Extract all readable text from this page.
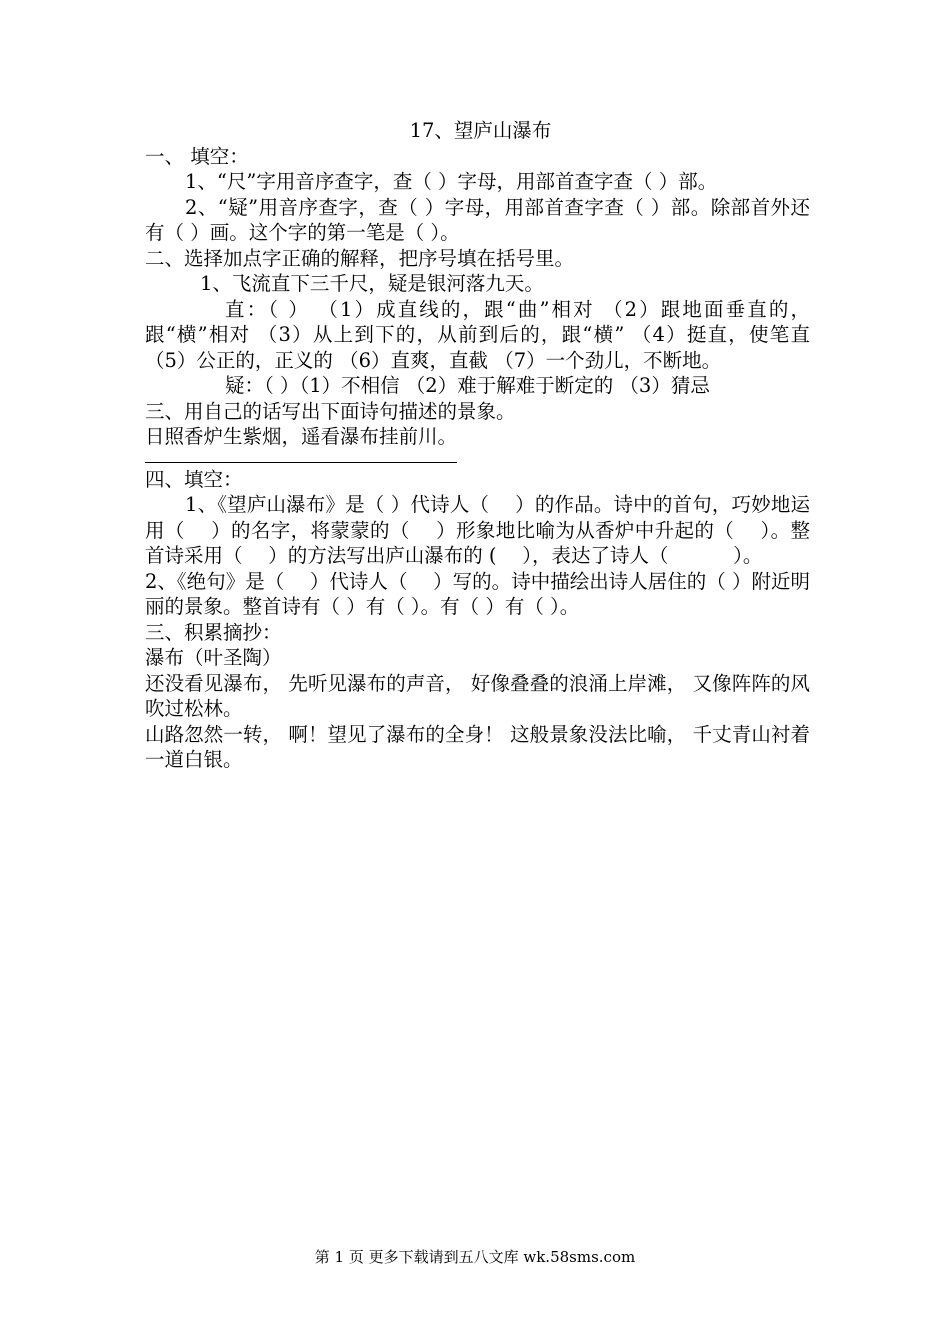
17、望庐山瀑布
一、 填空：
1、“尺”字用音序查字，查（ ）字母，用部首查字查（ ）部。
2、“疑”用音序查字，查（ ）字母，用部首查字查（ ）部。除部首外还有（ ）画。这个字的第一笔是（ ）。
二、选择加点字正确的解释，把序号填在括号里。
1、飞流直下三千尺，疑是银河落九天。
直：（ ） （1）成直线的，跟“曲”相对 （2）跟地面垂直的，跟“横”相对 （3）从上到下的，从前到后的，跟“横” （4）挺直，使笔直 （5）公正的，正义的 （6）直爽，直截 （7）一个劲儿，不断地。
疑：（ ）（1）不相信 （2）难于解难于断定的 （3）猜忌
三、用自己的话写出下面诗句描述的景象。
日照香炉生紫烟，遥看瀑布挂前川。
四、填空：
1、《望庐山瀑布》是（ ）代诗人（　 ）的作品。诗中的首句，巧妙地运用（　 ）的名字，将蒙蒙的（　 ）形象地比喻为从香炉中升起的（　 ）。整首诗采用（　 ）的方法写出庐山瀑布的 (　 ），表达了诗人（　　　 ）。
2、《绝句》是（　 ）代诗人（　 ）写的。诗中描绘出诗人居住的（ ）附近明丽的景象。整首诗有（ ）有（ ）。有（ ）有（ ）。
三、积累摘抄：
瀑布（叶圣陶）
还没看见瀑布， 先听见瀑布的声音， 好像叠叠的浪涌上岸滩， 又像阵阵的风吹过松林。
山路忽然一转， 啊！望见了瀑布的全身！ 这般景象没法比喻， 千丈青山衬着一道白银。
第 1 页 更多下载请到五八文库 wk.58sms.com
